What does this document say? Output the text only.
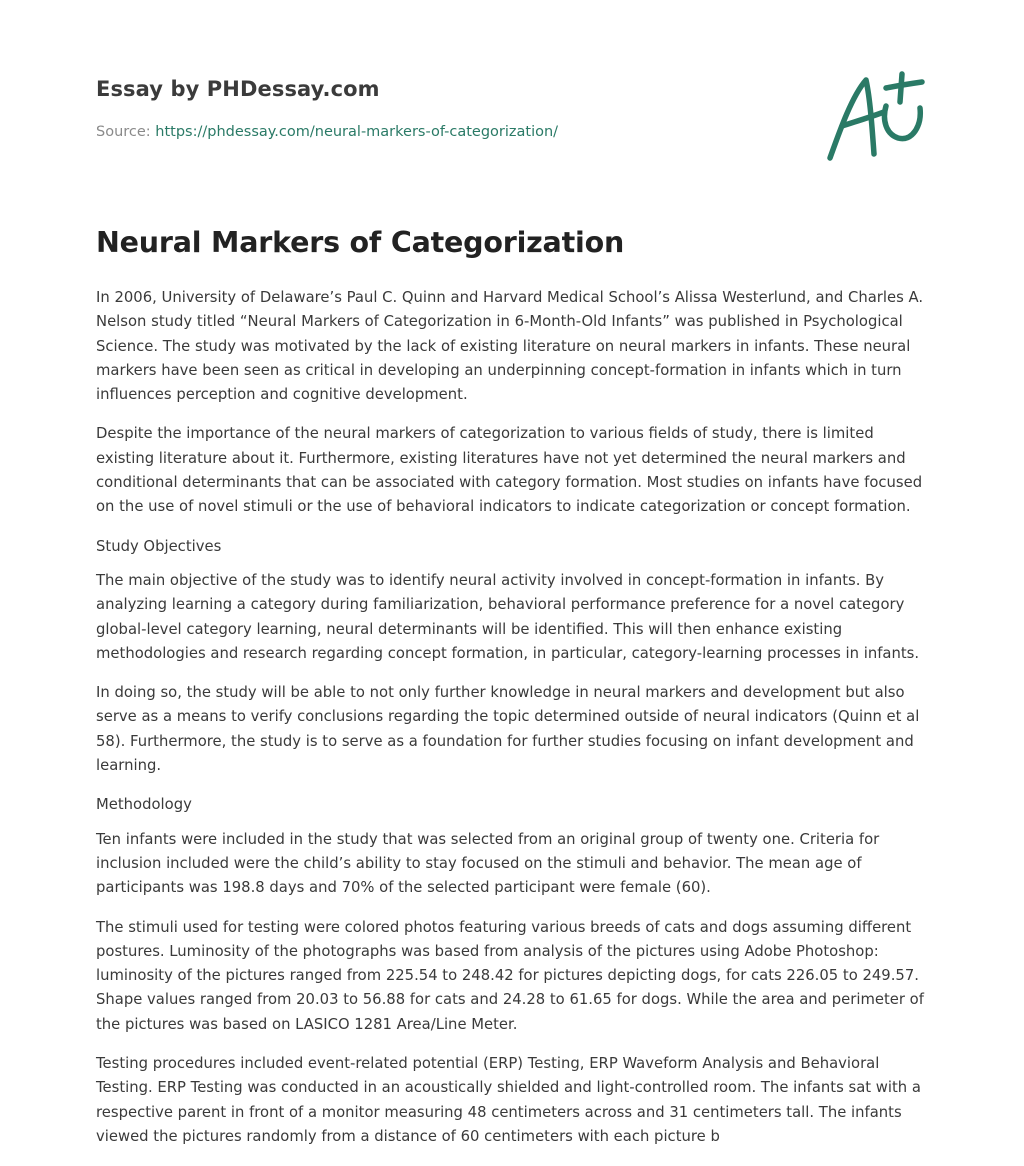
Essay by PHDessay.com
Source: https://phdessay.com/neural-markers-of-categorization/
Neural Markers of Categorization

In 2006, University of Delaware’s Paul C. Quinn and Harvard Medical School’s Alissa Westerlund, and Charles A. Nelson study titled “Neural Markers of Categorization in 6-Month-Old Infants” was published in Psychological Science. The study was motivated by the lack of existing literature on neural markers in infants. These neural markers have been seen as critical in developing an underpinning concept-formation in infants which in turn influences perception and cognitive development.

Despite the importance of the neural markers of categorization to various fields of study, there is limited existing literature about it. Furthermore, existing literatures have not yet determined the neural markers and conditional determinants that can be associated with category formation. Most studies on infants have focused on the use of novel stimuli or the use of behavioral indicators to indicate categorization or concept formation.

Study Objectives

The main objective of the study was to identify neural activity involved in concept-formation in infants. By analyzing learning a category during familiarization, behavioral performance preference for a novel category global-level category learning, neural determinants will be identified. This will then enhance existing methodologies and research regarding concept formation, in particular, category-learning processes in infants.

In doing so, the study will be able to not only further knowledge in neural markers and development but also serve as a means to verify conclusions regarding the topic determined outside of neural indicators (Quinn et al 58). Furthermore, the study is to serve as a foundation for further studies focusing on infant development and learning.

Methodology

Ten infants were included in the study that was selected from an original group of twenty one. Criteria for inclusion included were the child’s ability to stay focused on the stimuli and behavior. The mean age of participants was 198.8 days and 70% of the selected participant were female (60).

The stimuli used for testing were colored photos featuring various breeds of cats and dogs assuming different postures. Luminosity of the photographs was based from analysis of the pictures using Adobe Photoshop: luminosity of the pictures ranged from 225.54 to 248.42 for pictures depicting dogs, for cats 226.05 to 249.57. Shape values ranged from 20.03 to 56.88 for cats and 24.28 to 61.65 for dogs. While the area and perimeter of the pictures was based on LASICO 1281 Area/Line Meter.

Testing procedures included event-related potential (ERP) Testing, ERP Waveform Analysis and Behavioral Testing. ERP Testing was conducted in an acoustically shielded and light-controlled room. The infants sat with a respective parent in front of a monitor measuring 48 centimeters across and 31 centimeters tall. The infants viewed the pictures randomly from a distance of 60 centimeters with each picture b
